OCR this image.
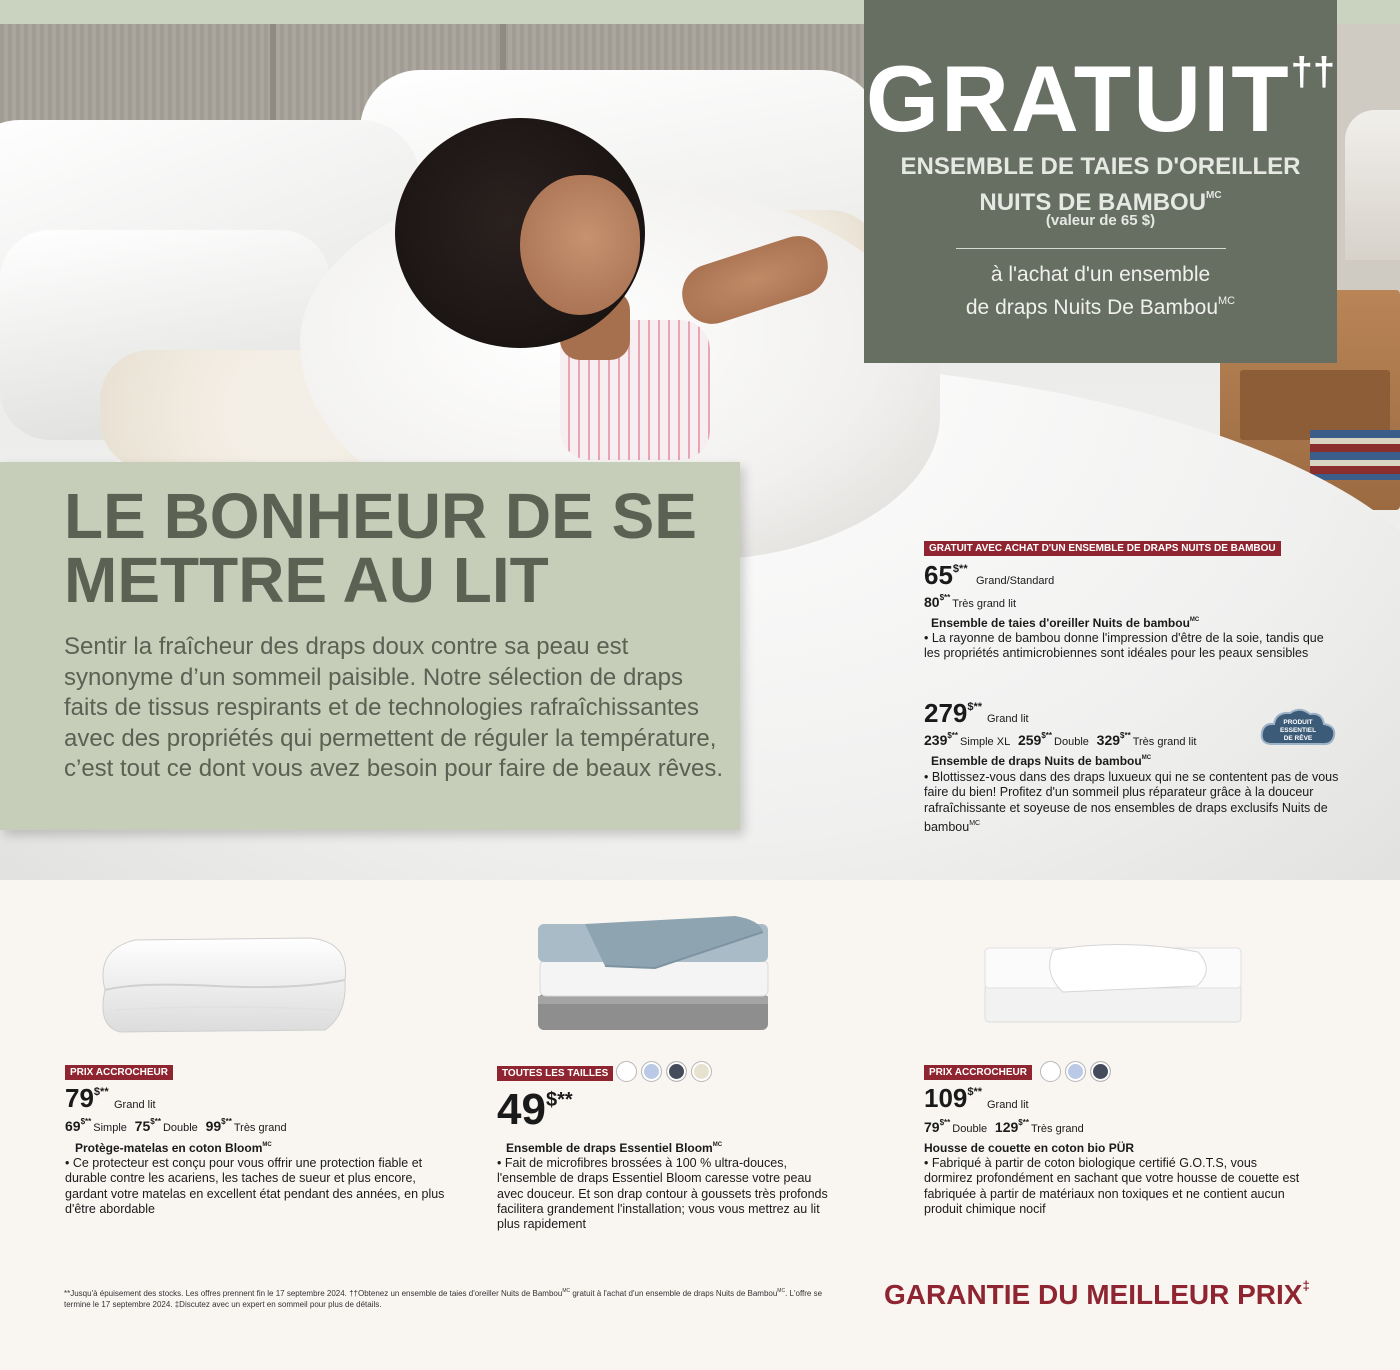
GRATUIT††
ENSEMBLE DE TAIES D'OREILLER
NUITS DE $BAMBOU^{MC}$
(valeur de 65 $)
à l'achat d'un ensemble
de draps Nuits De Bambou$^{MC}$
LE BONHEUR DE SE METTRE AU LIT
Sentir la fraîcheur des draps doux contre sa peau est synonyme d’un sommeil paisible. Notre sélection de draps faits de tissus respirants et de technologies rafraîchissantes avec des propriétés qui permettent de réguler la température, c’est tout ce dont vous avez besoin pour faire de beaux rêves.
GRATUIT AVEC ACHAT D'UN ENSEMBLE DE DRAPS NUITS DE BAMBOU
65$**
Grand/Standard
80$**Très grand lit
Ensemble de taies d'oreiller Nuits de bambou$^{MC}$
• La rayonne de bambou donne l'impression d'être de la soie, tandis que les propriétés antimicrobiennes sont idéales pour les peaux sensibles
279$**
Grand lit
239$**Simple XL 259$**Double 329$**Très grand lit
Ensemble de draps Nuits de bambou$^{MC}$
• Blottissez-vous dans des draps luxueux qui ne se contentent pas de vous faire du bien! Profitez d'un sommeil plus réparateur grâce à la douceur rafraîchissante et soyeuse de nos ensembles de draps exclusifs Nuits de bambou$^{MC}$
PRODUIT
ESSENTIEL
DE RÊVE
PRIX ACCROCHEUR
79$**
Grand lit
69$**Simple 75$**Double 99$**Très grand
Protège-matelas en coton Bloom$^{MC}$
• Ce protecteur est conçu pour vous offrir une protection fiable et durable contre les acariens, les taches de sueur et plus encore, gardant votre matelas en excellent état pendant des années, en plus d'être abordable
TOUTES LES TAILLES
49$**
Ensemble de draps Essentiel Bloom$^{MC}$
• Fait de microfibres brossées à 100 % ultra-douces, l'ensemble de draps Essentiel Bloom caresse votre peau avec douceur. Et son drap contour à goussets très profonds facilitera grandement l'installation; vous vous mettrez au lit plus rapidement
PRIX ACCROCHEUR
109$**
Grand lit
79$**Double 129$**Très grand
Housse de couette en coton bio PÜR
• Fabriqué à partir de coton biologique certifié G.O.T.S, vous dormirez profondément en sachant que votre housse de couette est fabriquée à partir de matériaux non toxiques et ne contient aucun produit chimique nocif
**Jusqu'à épuisement des stocks. Les offres prennent fin le 17 septembre 2024. ††Obtenez un ensemble de taies d'oreiller Nuits de Bambou$^{MC}$ gratuit à l'achat d'un ensemble de draps Nuits de Bambou$^{MC}$. L'offre se termine le 17 septembre 2024. ‡Discutez avec un expert en sommeil pour plus de détails.	GARANTIE DU MEILLEUR PRIX‡
